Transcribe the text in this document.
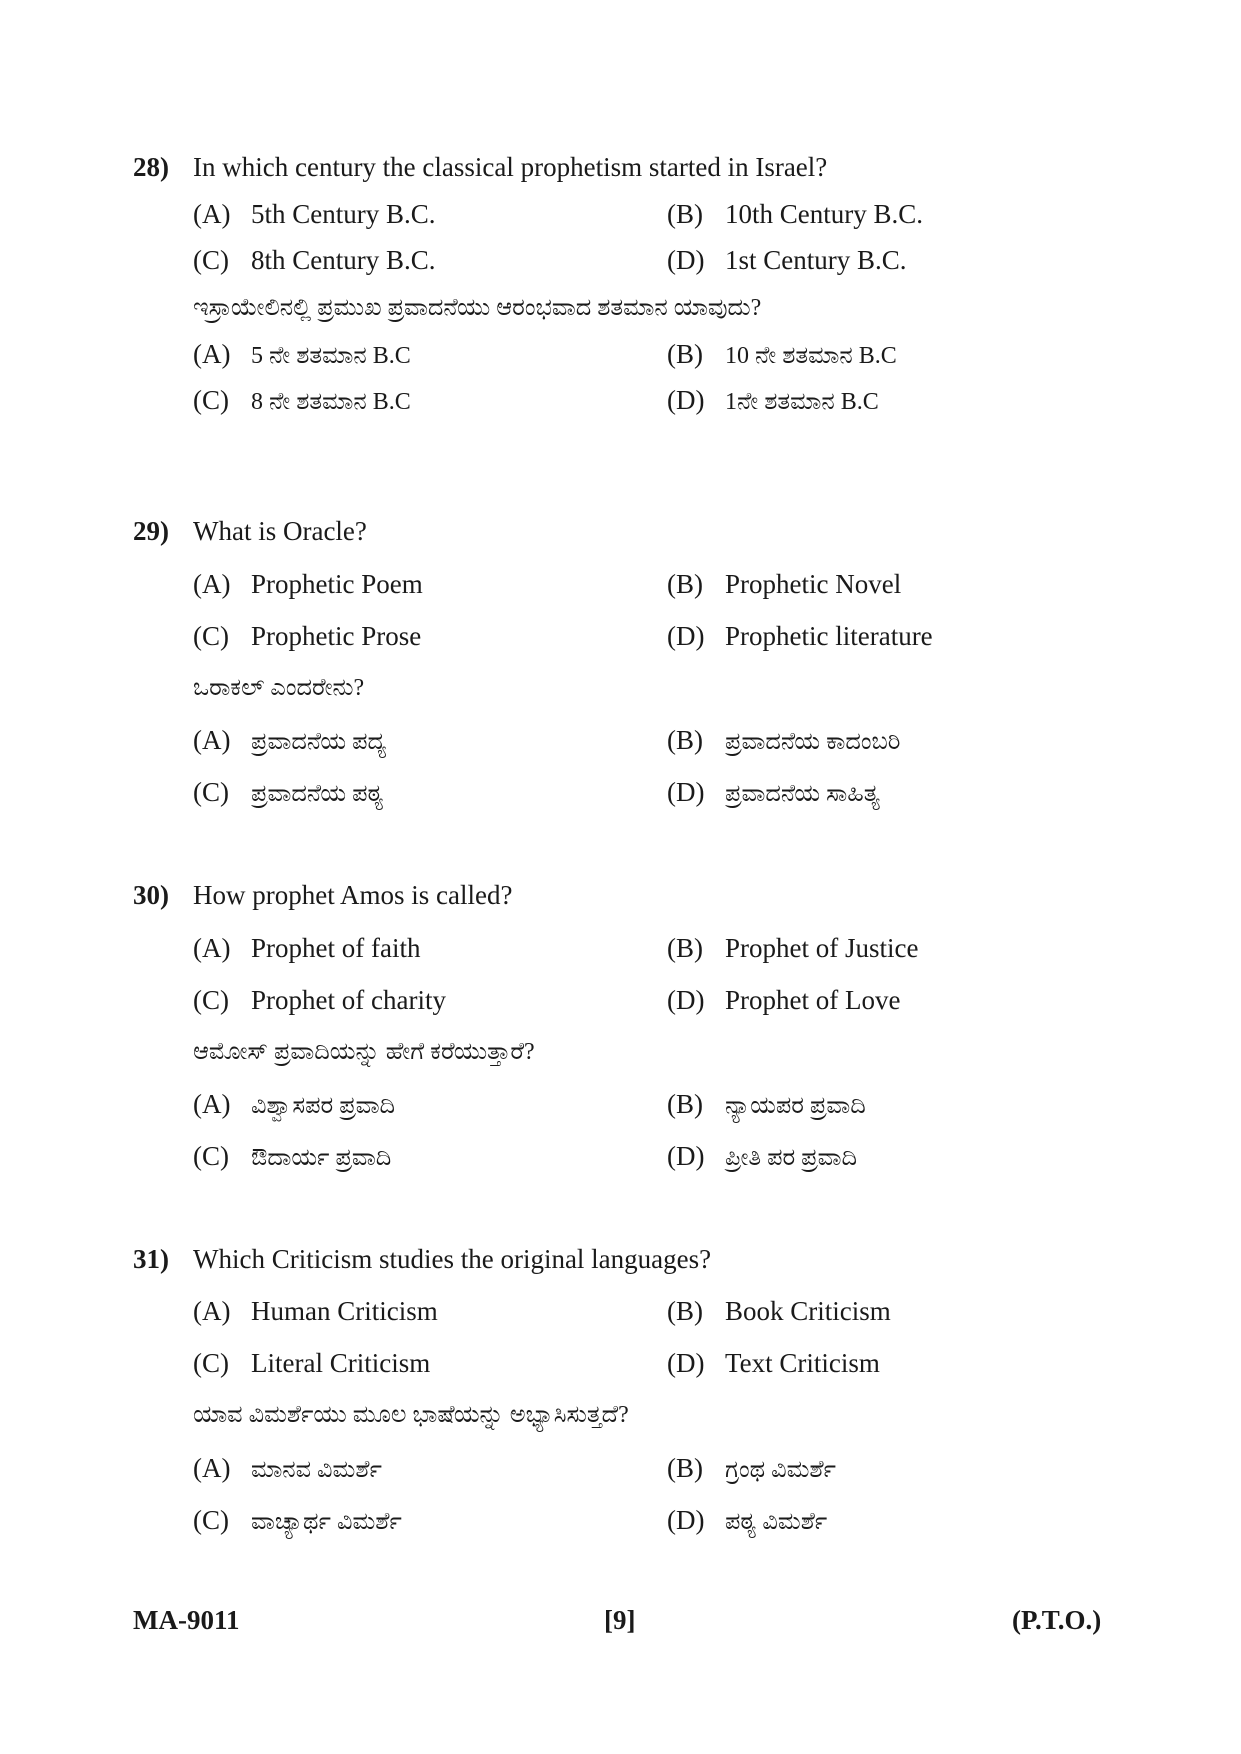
28) In which century the classical prophetism started in Israel?
(A) 5th Century B.C.	(B) 10th Century B.C.
(C) 8th Century B.C.	(D) 1st Century B.C.
ಇಸ್ರಾಯೇಲಿನಲ್ಲಿ ಪ್ರಮುಖ ಪ್ರವಾದನೆಯು ಆರಂಭವಾದ ಶತಮಾನ ಯಾವುದು?
(A) 5 ನೇ ಶತಮಾನ B.C	(B) 10 ನೇ ಶತಮಾನ B.C
(C) 8 ನೇ ಶತಮಾನ B.C	(D) 1ನೇ ಶತಮಾನ B.C
29) What is Oracle?
(A) Prophetic Poem	(B) Prophetic Novel
(C) Prophetic Prose	(D) Prophetic literature
ಒರಾಕಲ್ ಎಂದರೇನು?
(A) ಪ್ರವಾದನೆಯ ಪದ್ಯ	(B) ಪ್ರವಾದನೆಯ ಕಾದಂಬರಿ
(C) ಪ್ರವಾದನೆಯ ಪಠ್ಯ	(D) ಪ್ರವಾದನೆಯ ಸಾಹಿತ್ಯ
30) How prophet Amos is called?
(A) Prophet of faith	(B) Prophet of Justice
(C) Prophet of charity	(D) Prophet of Love
ಆಮೋಸ್ ಪ್ರವಾದಿಯನ್ನು ಹೇಗೆ ಕರೆಯುತ್ತಾರೆ?
(A) ವಿಶ್ವಾಸಪರ ಪ್ರವಾದಿ	(B) ನ್ಯಾಯಪರ ಪ್ರವಾದಿ
(C) ಔದಾರ್ಯ ಪ್ರವಾದಿ	(D) ಪ್ರೀತಿ ಪರ ಪ್ರವಾದಿ
31) Which Criticism studies the original languages?
(A) Human Criticism	(B) Book Criticism
(C) Literal Criticism	(D) Text Criticism
ಯಾವ ವಿಮರ್ಶೆಯು ಮೂಲ ಭಾಷೆಯನ್ನು ಅಭ್ಯಾಸಿಸುತ್ತದೆ?
(A) ಮಾನವ ವಿಮರ್ಶೆ	(B) ಗ್ರಂಥ ವಿಮರ್ಶೆ
(C) ವಾಚ್ಯಾರ್ಥ ವಿಮರ್ಶೆ	(D) ಪಠ್ಯ ವಿಮರ್ಶೆ
MA-9011	[9]	(P.T.O.)
